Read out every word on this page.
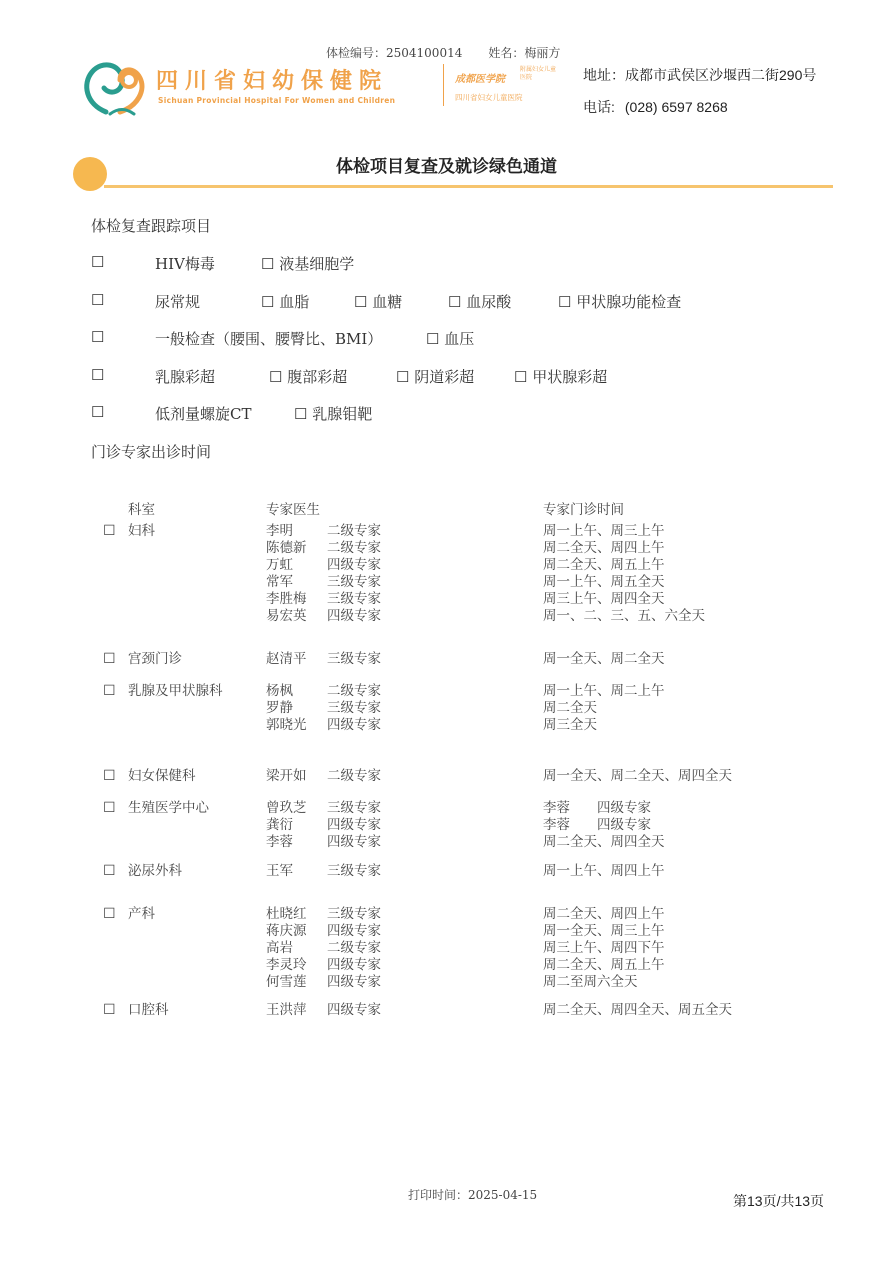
体检编号：2504100014 姓名：梅丽方
四川省妇幼保健院
Sichuan Provincial Hospital For Women and Children
成都医学院
附属妇女儿童医院
四川省妇女儿童医院
地址：成都市武侯区沙堰西二街290号
电话: (028) 6597 8268
体检项目复查及就诊绿色通道
体检复查跟踪项目
☐	HIV梅毒	☐ 液基细胞学
☐	尿常规	☐ 血脂	☐ 血糖	☐ 血尿酸	☐ 甲状腺功能检查
☐	一般检查（腰围、腰臀比、BMI）	☐ 血压
☐	乳腺彩超	☐ 腹部彩超	☐ 阴道彩超	☐ 甲状腺彩超
☐	低剂量螺旋CT	☐ 乳腺钼靶
门诊专家出诊时间
科室	专家医生	专家门诊时间
☐ 妇科	李明	二级专家	周一上午、周三上午
陈德新 二级专家	周二全天、周四上午
万虹	四级专家	周二全天、周五上午
常军	三级专家	周一上午、周五全天
李胜梅 三级专家	周三上午、周四全天
易宏英 四级专家	周一、二、三、五、六全天
☐ 宫颈门诊	赵清平 三级专家	周一全天、周二全天
☐ 乳腺及甲状腺科	杨枫	二级专家	周一上午、周二上午
罗静	三级专家	周二全天
郭晓光 四级专家	周三全天
☐ 妇女保健科	梁开如 二级专家	周一全天、周二全天、周四全天
☐ 生殖医学中心	曾玖芝 三级专家	李蓉　　四级专家
龚衍	四级专家	李蓉　　四级专家
李蓉	四级专家	周二全天、周四全天
☐ 泌尿外科	王军	三级专家	周一上午、周四上午
☐ 产科	杜晓红 三级专家	周二全天、周四上午
蒋庆源 四级专家	周一全天、周三上午
高岩	二级专家	周三上午、周四下午
李灵玲 四级专家	周二全天、周五上午
何雪莲 四级专家	周二至周六全天
☐ 口腔科	王洪萍 四级专家	周二全天、周四全天、周五全天
打印时间：2025-04-15	第13页/共13页
